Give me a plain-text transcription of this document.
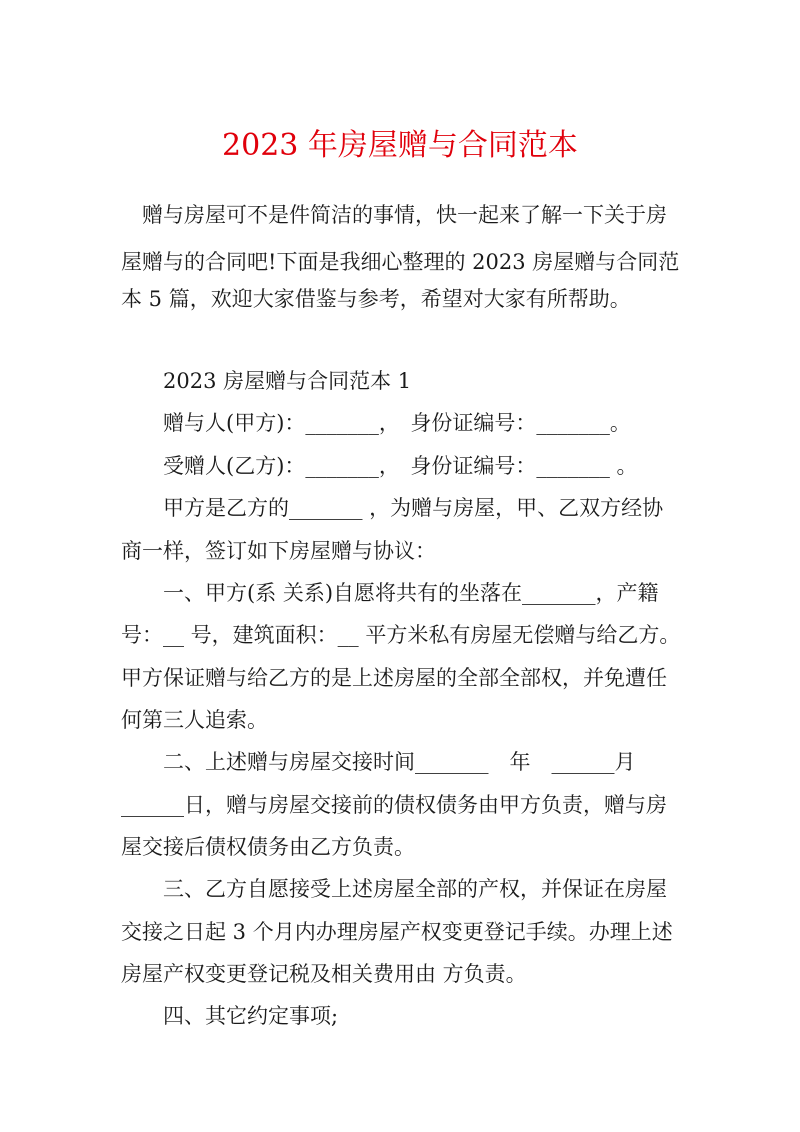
2023 年房屋赠与合同范本
赠与房屋可不是件简洁的事情，快一起来了解一下关于房
屋赠与的合同吧!下面是我细心整理的 2023 房屋赠与合同范
本 5 篇，欢迎大家借鉴与参考，希望对大家有所帮助。
2023 房屋赠与合同范本 1
赠与人(甲方)：_______，　身份证编号：_______。
受赠人(乙方)：_______，　身份证编号：_______ 。
甲方是乙方的_______ ，为赠与房屋，甲、乙双方经协
商一样，签订如下房屋赠与协议：
一、甲方(系 关系)自愿将共有的坐落在_______，产籍
号：__ 号，建筑面积：__ 平方米私有房屋无偿赠与给乙方。
甲方保证赠与给乙方的是上述房屋的全部全部权，并免遭任
何第三人追索。
二、上述赠与房屋交接时间_______　年　______月
______日，赠与房屋交接前的债权债务由甲方负责，赠与房
屋交接后债权债务由乙方负责。
三、乙方自愿接受上述房屋全部的产权，并保证在房屋
交接之日起 3 个月内办理房屋产权变更登记手续。办理上述
房屋产权变更登记税及相关费用由 方负责。
四、其它约定事项;
